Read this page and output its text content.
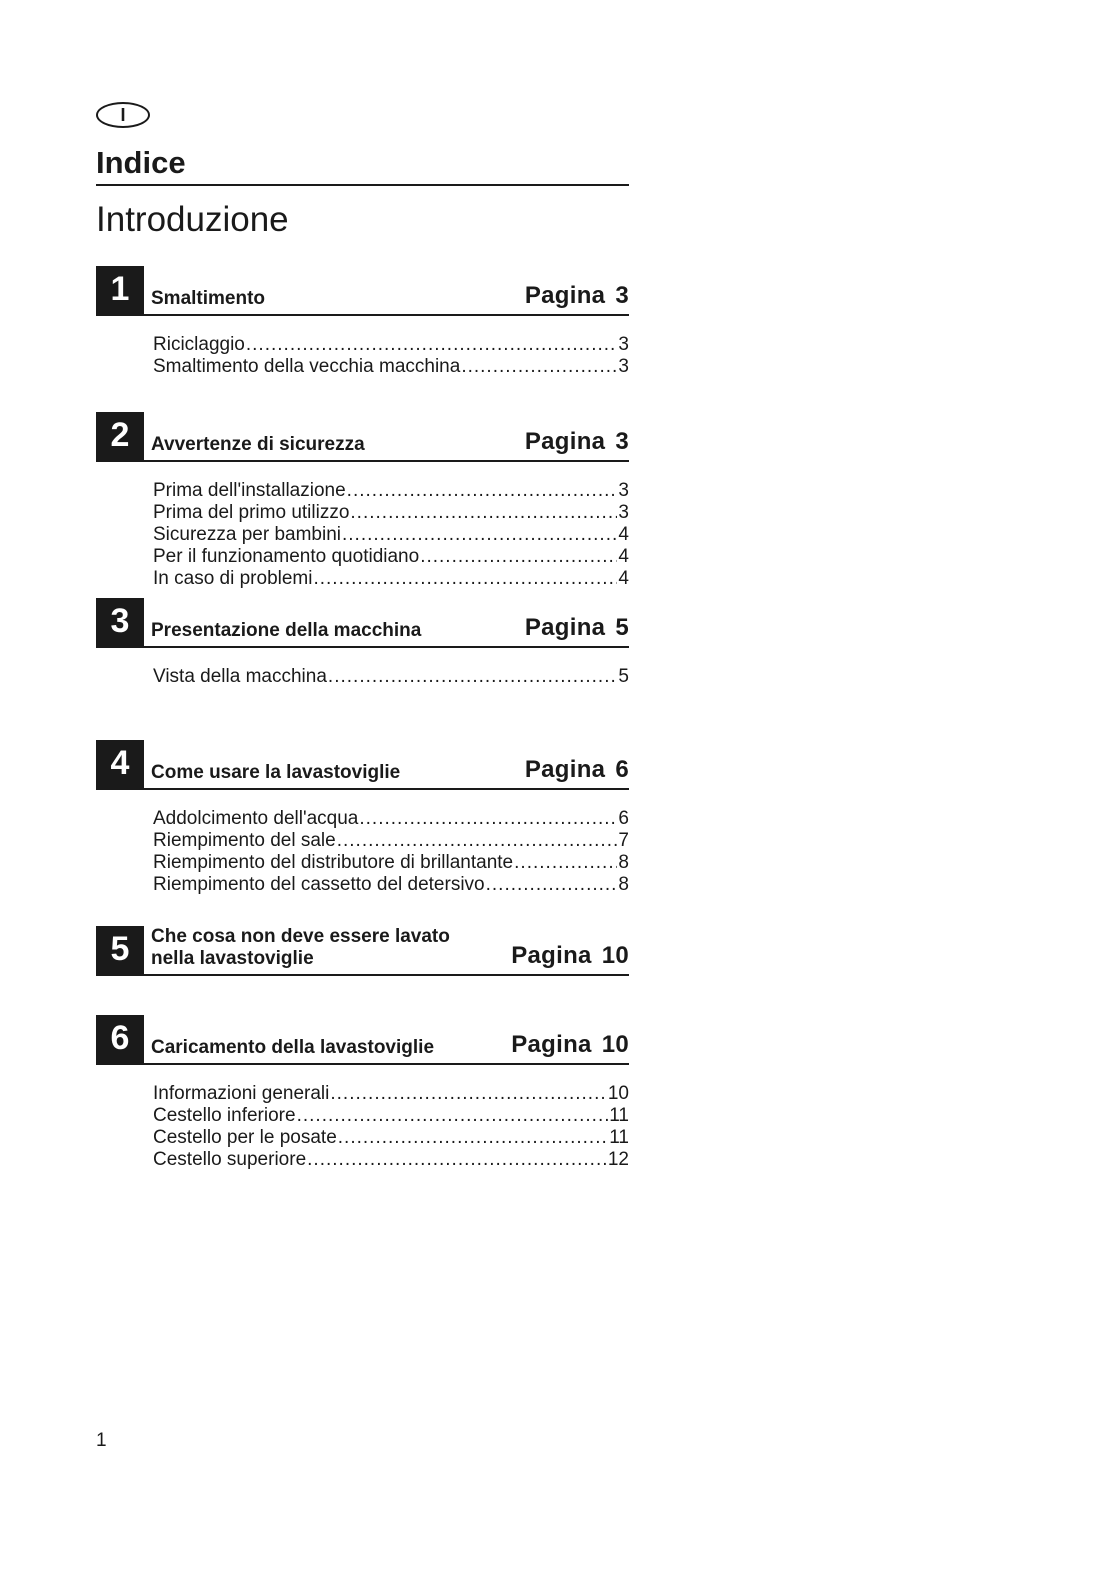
I
Indice
Introduzione
1	Smaltimento	Pagina 3
Riciclaggio .....	3
Smaltimento della vecchia macchina .....	3
2	Avvertenze di sicurezza	Pagina 3
Prima dell'installazione .....	3
Prima del primo utilizzo .....	3
Sicurezza per bambini .....	4
Per il funzionamento quotidiano .....	4
In caso di problemi .....	4
3	Presentazione della macchina	Pagina 5
Vista della macchina .....	5
4	Come usare la lavastoviglie	Pagina 6
Addolcimento dell'acqua .....	6
Riempimento del sale .....	7
Riempimento del distributore di brillantante .....	8
Riempimento del cassetto del detersivo .....	8
5	Che cosa non deve essere lavato
nella lavastoviglie	Pagina 10
6	Caricamento della lavastoviglie	Pagina 10
Informazioni generali .....	10
Cestello inferiore .....	11
Cestello per le posate .....	11
Cestello superiore .....	12
1
